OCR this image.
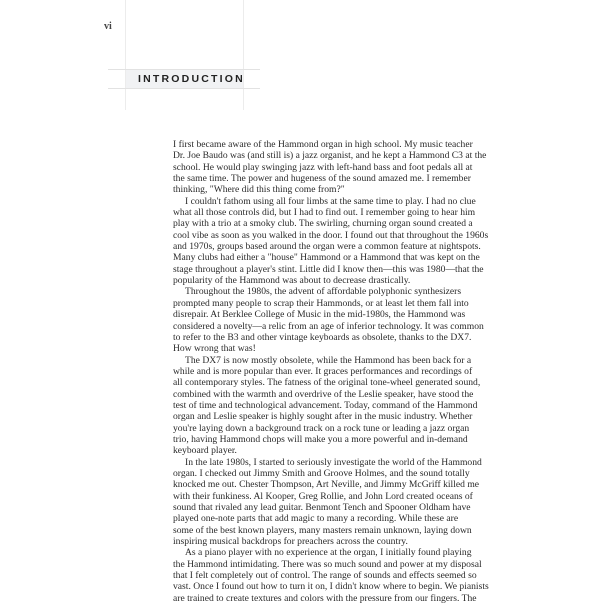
vi
INTRODUCTION
I first became aware of the Hammond organ in high school. My music teacher
Dr. Joe Baudo was (and still is) a jazz organist, and he kept a Hammond C3 at the
school. He would play swinging jazz with left-hand bass and foot pedals all at
the same time. The power and hugeness of the sound amazed me. I remember
thinking, "Where did this thing come from?"
I couldn't fathom using all four limbs at the same time to play. I had no clue
what all those controls did, but I had to find out. I remember going to hear him
play with a trio at a smoky club. The swirling, churning organ sound created a
cool vibe as soon as you walked in the door. I found out that throughout the 1960s
and 1970s, groups based around the organ were a common feature at nightspots.
Many clubs had either a "house" Hammond or a Hammond that was kept on the
stage throughout a player's stint. Little did I know then—this was 1980—that the
popularity of the Hammond was about to decrease drastically.
Throughout the 1980s, the advent of affordable polyphonic synthesizers
prompted many people to scrap their Hammonds, or at least let them fall into
disrepair. At Berklee College of Music in the mid-1980s, the Hammond was
considered a novelty—a relic from an age of inferior technology. It was common
to refer to the B3 and other vintage keyboards as obsolete, thanks to the DX7.
How wrong that was!
The DX7 is now mostly obsolete, while the Hammond has been back for a
while and is more popular than ever. It graces performances and recordings of
all contemporary styles. The fatness of the original tone-wheel generated sound,
combined with the warmth and overdrive of the Leslie speaker, have stood the
test of time and technological advancement. Today, command of the Hammond
organ and Leslie speaker is highly sought after in the music industry. Whether
you're laying down a background track on a rock tune or leading a jazz organ
trio, having Hammond chops will make you a more powerful and in-demand
keyboard player.
In the late 1980s, I started to seriously investigate the world of the Hammond
organ. I checked out Jimmy Smith and Groove Holmes, and the sound totally
knocked me out. Chester Thompson, Art Neville, and Jimmy McGriff killed me
with their funkiness. Al Kooper, Greg Rollie, and John Lord created oceans of
sound that rivaled any lead guitar. Benmont Tench and Spooner Oldham have
played one-note parts that add magic to many a recording. While these are
some of the best known players, many masters remain unknown, laying down
inspiring musical backdrops for preachers across the country.
As a piano player with no experience at the organ, I initially found playing
the Hammond intimidating. There was so much sound and power at my disposal
that I felt completely out of control. The range of sounds and effects seemed so
vast. Once I found out how to turn it on, I didn't know where to begin. We pianists
are trained to create textures and colors with the pressure from our fingers. The
